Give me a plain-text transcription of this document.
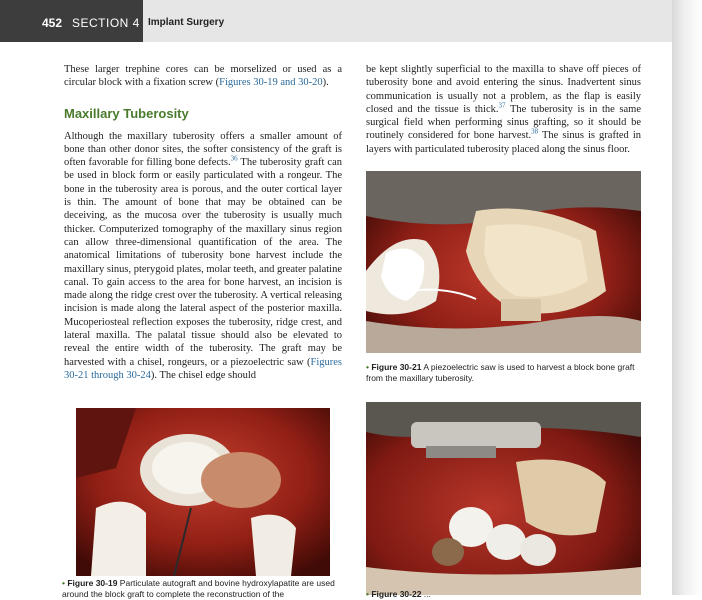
452 SECTION 4 Implant Surgery

These larger trephine cores can be morselized or used as a circular block with a fixation screw (Figures 30-19 and 30-20).

Maxillary Tuberosity

Although the maxillary tuberosity offers a smaller amount of bone than other donor sites, the softer consistency of the graft is often favorable for filling bone defects.$^{36}$ The tuberosity graft can be used in block form or easily particulated with a rongeur. The bone in the tuberosity area is porous, and the outer cortical layer is thin. The amount of bone that may be obtained can be deceiving, as the mucosa over the tuberosity is usually much thicker. Computerized tomography of the maxillary sinus region can allow three-dimensional quantification of the area. The anatomical limitations of tuberosity bone harvest include the maxillary sinus, pterygoid plates, molar teeth, and greater palatine canal. To gain access to the area for bone harvest, an incision is made along the ridge crest over the tuberosity. A vertical releasing incision is made along the lateral aspect of the posterior maxilla. Mucoperiosteal reflection exposes the tuberosity, ridge crest, and lateral maxilla. The palatal tissue should also be elevated to reveal the entire width of the tuberosity. The graft may be harvested with a chisel, rongeurs, or a piezoelectric saw (Figures 30-21 through 30-24). The chisel edge should

be kept slightly superficial to the maxilla to shave off pieces of tuberosity bone and avoid entering the sinus. Inadvertent sinus communication is usually not a problem, as the flap is easily closed and the tissue is thick.$^{37}$ The tuberosity is in the same surgical field when performing sinus grafting, so it should be routinely considered for bone harvest.$^{38}$ The sinus is grafted in layers with particulated tuberosity placed along the sinus floor.

• Figure 30-21 A piezoelectric saw is used to harvest a block bone graft from the maxillary tuberosity.
• Figure 30-22 ...
• Figure 30-19 Particulate autograft and bovine hydroxylapatite are used around the block graft to complete the reconstruction of the
